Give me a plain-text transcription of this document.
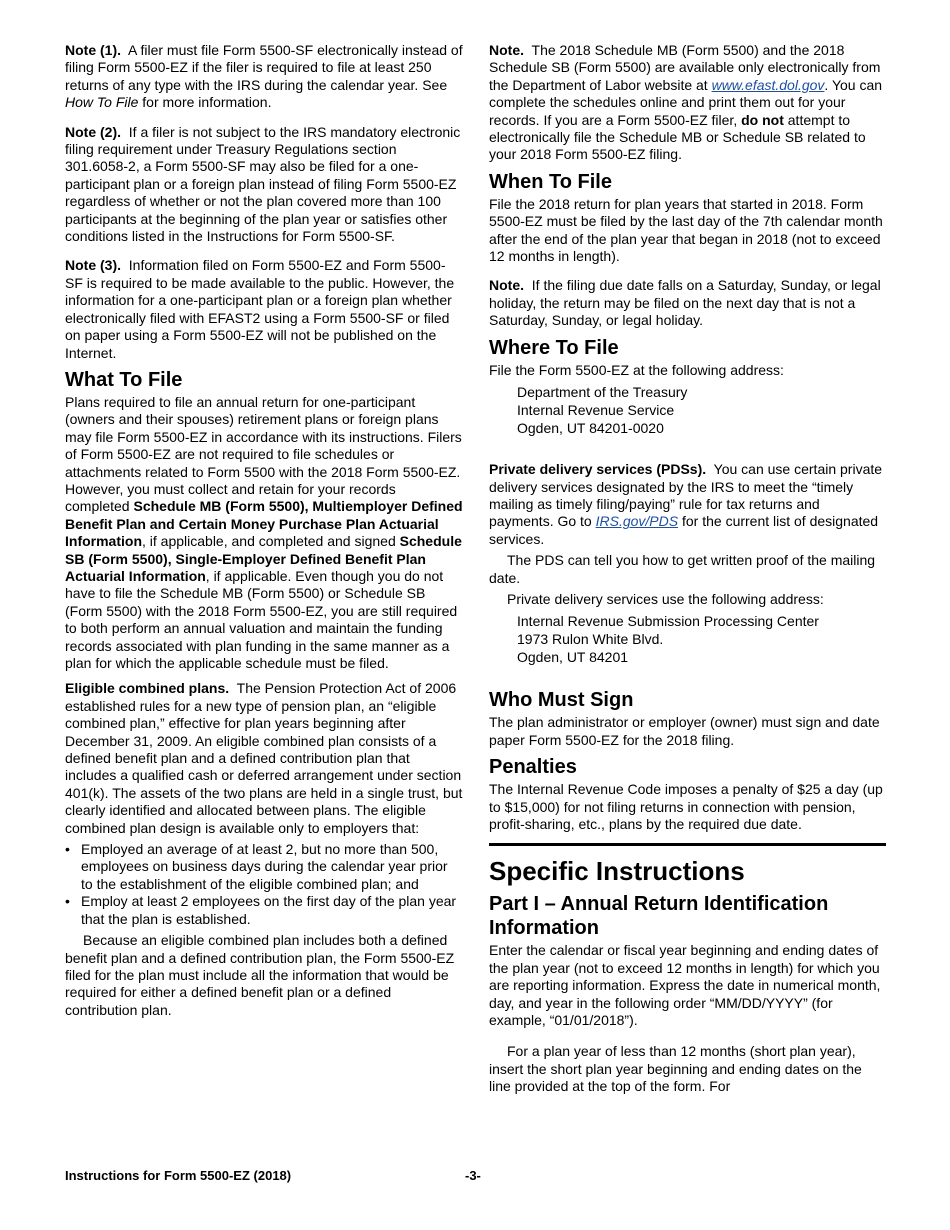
Note (1). A filer must file Form 5500-SF electronically instead of filing Form 5500-EZ if the filer is required to file at least 250 returns of any type with the IRS during the calendar year. See How To File for more information.

Note (2). If a filer is not subject to the IRS mandatory electronic filing requirement under Treasury Regulations section 301.6058-2, a Form 5500-SF may also be filed for a one-participant plan or a foreign plan instead of filing Form 5500-EZ regardless of whether or not the plan covered more than 100 participants at the beginning of the plan year or satisfies other conditions listed in the Instructions for Form 5500-SF.

Note (3). Information filed on Form 5500-EZ and Form 5500-SF is required to be made available to the public. However, the information for a one-participant plan or a foreign plan whether electronically filed with EFAST2 using a Form 5500-SF or filed on paper using a Form 5500-EZ will not be published on the Internet.

What To File

Plans required to file an annual return for one-participant (owners and their spouses) retirement plans or foreign plans may file Form 5500-EZ in accordance with its instructions. Filers of Form 5500-EZ are not required to file schedules or attachments related to Form 5500 with the 2018 Form 5500-EZ. However, you must collect and retain for your records completed Schedule MB (Form 5500), Multiemployer Defined Benefit Plan and Certain Money Purchase Plan Actuarial Information, if applicable, and completed and signed Schedule SB (Form 5500), Single-Employer Defined Benefit Plan Actuarial Information, if applicable. Even though you do not have to file the Schedule MB (Form 5500) or Schedule SB (Form 5500) with the 2018 Form 5500-EZ, you are still required to both perform an annual valuation and maintain the funding records associated with plan funding in the same manner as a plan for which the applicable schedule must be filed.

Eligible combined plans. The Pension Protection Act of 2006 established rules for a new type of pension plan, an “eligible combined plan,” effective for plan years beginning after December 31, 2009. An eligible combined plan consists of a defined benefit plan and a defined contribution plan that includes a qualified cash or deferred arrangement under section 401(k). The assets of the two plans are held in a single trust, but clearly identified and allocated between plans. The eligible combined plan design is available only to employers that:

• Employed an average of at least 2, but no more than 500, employees on business days during the calendar year prior to the establishment of the eligible combined plan; and
• Employ at least 2 employees on the first day of the plan year that the plan is established.

Because an eligible combined plan includes both a defined benefit plan and a defined contribution plan, the Form 5500-EZ filed for the plan must include all the information that would be required for either a defined benefit plan or a defined contribution plan.

Note. The 2018 Schedule MB (Form 5500) and the 2018 Schedule SB (Form 5500) are available only electronically from the Department of Labor website at www.efast.dol.gov. You can complete the schedules online and print them out for your records. If you are a Form 5500-EZ filer, do not attempt to electronically file the Schedule MB or Schedule SB related to your 2018 Form 5500-EZ filing.

When To File

File the 2018 return for plan years that started in 2018. Form 5500-EZ must be filed by the last day of the 7th calendar month after the end of the plan year that began in 2018 (not to exceed 12 months in length).

Note. If the filing due date falls on a Saturday, Sunday, or legal holiday, the return may be filed on the next day that is not a Saturday, Sunday, or legal holiday.

Where To File

File the Form 5500-EZ at the following address:

Department of the Treasury
Internal Revenue Service
Ogden, UT 84201-0020

Private delivery services (PDSs). You can use certain private delivery services designated by the IRS to meet the “timely mailing as timely filing/paying” rule for tax returns and payments. Go to IRS.gov/PDS for the current list of designated services.

The PDS can tell you how to get written proof of the mailing date.

Private delivery services use the following address:

Internal Revenue Submission Processing Center
1973 Rulon White Blvd.
Ogden, UT 84201
Who Must Sign

The plan administrator or employer (owner) must sign and date paper Form 5500-EZ for the 2018 filing.

Penalties

The Internal Revenue Code imposes a penalty of $25 a day (up to $15,000) for not filing returns in connection with pension, profit-sharing, etc., plans by the required due date.

Specific Instructions
Part I – Annual Return Identification Information

Enter the calendar or fiscal year beginning and ending dates of the plan year (not to exceed 12 months in length) for which you are reporting information. Express the date in numerical month, day, and year in the following order “MM/DD/YYYY” (for example, “01/01/2018”).

For a plan year of less than 12 months (short plan year), insert the short plan year beginning and ending dates on the line provided at the top of the form. For

Instructions for Form 5500-EZ (2018)	-3-
